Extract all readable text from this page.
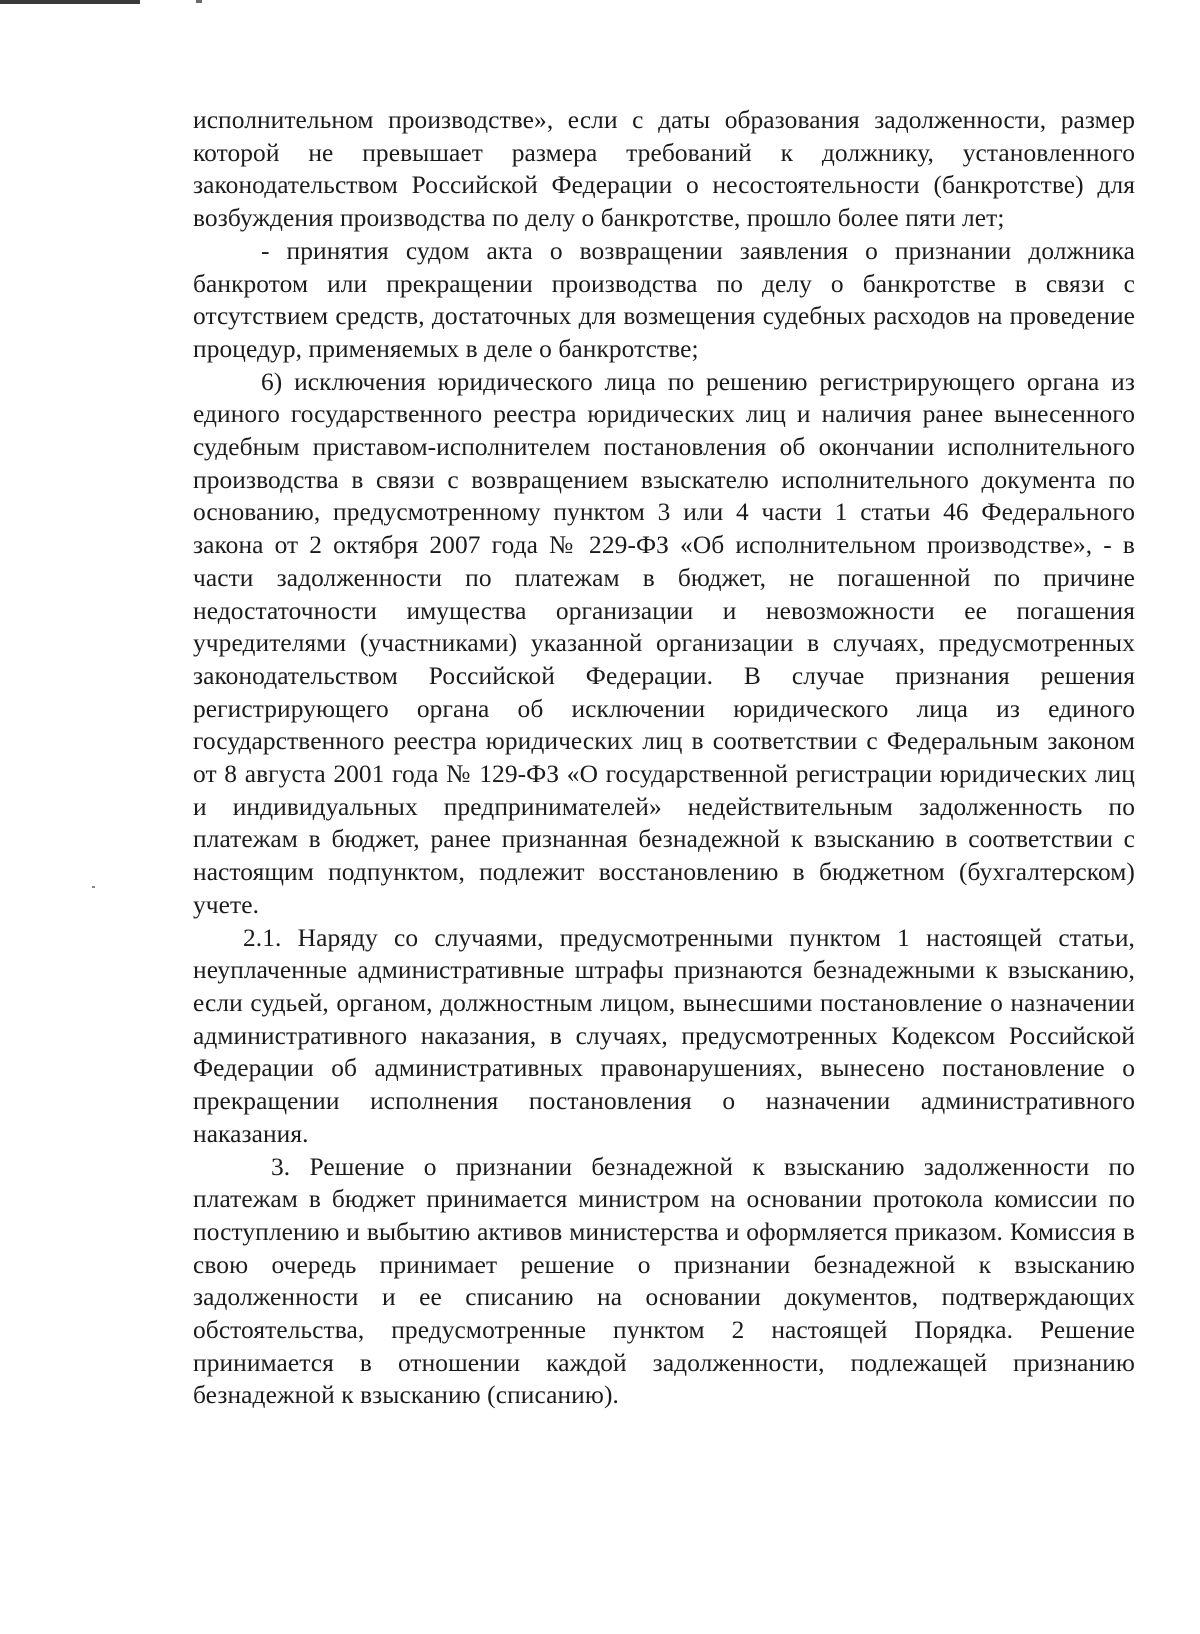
исполнительном производстве», если с даты образования задолженности, размер которой не превышает размера требований к должнику, установленного законодательством Российской Федерации о несостоятельности (банкротстве) для возбуждения производства по делу о банкротстве, прошло более пяти лет;

- принятия судом акта о возвращении заявления о признании должника банкротом или прекращении производства по делу о банкротстве в связи с отсутствием средств, достаточных для возмещения судебных расходов на проведение процедур, применяемых в деле о банкротстве;

6) исключения юридического лица по решению регистрирующего органа из единого государственного реестра юридических лиц и наличия ранее вынесенного судебным приставом-исполнителем постановления об окончании исполнительного производства в связи с возвращением взыскателю исполнительного документа по основанию, предусмотренному пунктом 3 или 4 части 1 статьи 46 Федерального закона от 2 октября 2007 года № 229-ФЗ «Об исполнительном производстве», - в части задолженности по платежам в бюджет, не погашенной по причине недостаточности имущества организации и невозможности ее погашения учредителями (участниками) указанной организации в случаях, предусмотренных законодательством Российской Федерации. В случае признания решения регистрирующего органа об исключении юридического лица из единого государственного реестра юридических лиц в соответствии с Федеральным законом от 8 августа 2001 года № 129-ФЗ «О государственной регистрации юридических лиц и индивидуальных предпринимателей» недействительным задолженность по платежам в бюджет, ранее признанная безнадежной к взысканию в соответствии с настоящим подпунктом, подлежит восстановлению в бюджетном (бухгалтерском) учете.

2.1. Наряду со случаями, предусмотренными пунктом 1 настоящей статьи, неуплаченные административные штрафы признаются безнадежными к взысканию, если судьей, органом, должностным лицом, вынесшими постановление о назначении административного наказания, в случаях, предусмотренных Кодексом Российской Федерации об административных правонарушениях, вынесено постановление о прекращении исполнения постановления о назначении административного наказания.

3. Решение о признании безнадежной к взысканию задолженности по платежам в бюджет принимается министром на основании протокола комиссии по поступлению и выбытию активов министерства и оформляется приказом. Комиссия в свою очередь принимает решение о признании безнадежной к взысканию задолженности и ее списанию на основании документов, подтверждающих обстоятельства, предусмотренные пунктом 2 настоящей Порядка. Решение принимается в отношении каждой задолженности, подлежащей признанию безнадежной к взысканию (списанию).
